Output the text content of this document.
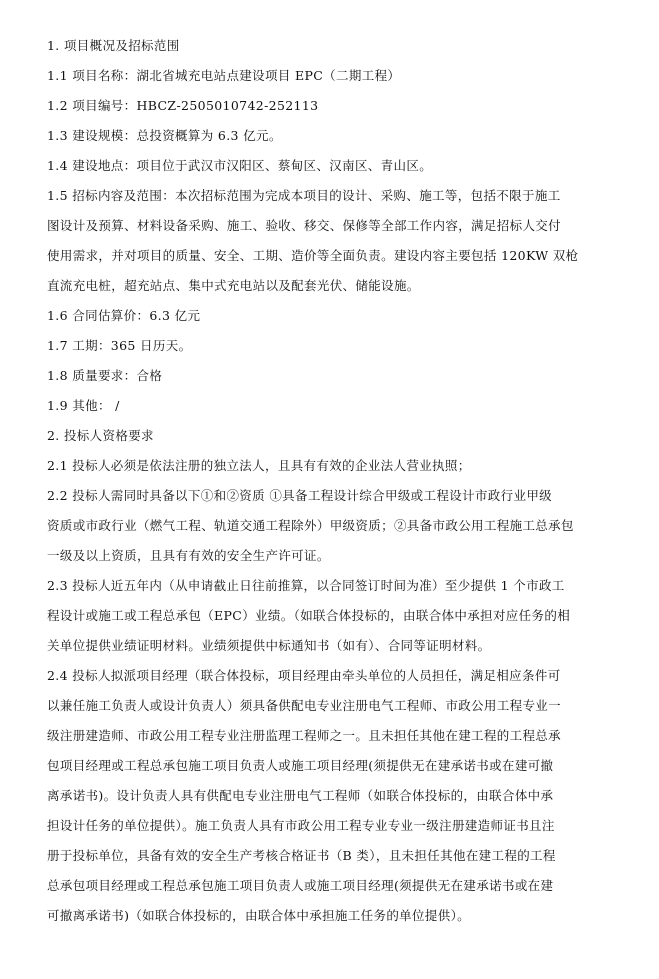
1. 项目概况及招标范围
1.1 项目名称：湖北省城充电站点建设项目 EPC（二期工程）
1.2 项目编号：HBCZ-2505010742-252113
1.3 建设规模：总投资概算为 6.3 亿元。
1.4 建设地点：项目位于武汉市汉阳区、蔡甸区、汉南区、青山区。
1.5 招标内容及范围：本次招标范围为完成本项目的设计、采购、施工等，包括不限于施工
图设计及预算、材料设备采购、施工、验收、移交、保修等全部工作内容，满足招标人交付
使用需求，并对项目的质量、安全、工期、造价等全面负责。建设内容主要包括 120KW 双枪
直流充电桩，超充站点、集中式充电站以及配套光伏、储能设施。
1.6 合同估算价：6.3 亿元
1.7 工期：365 日历天。
1.8 质量要求：合格
1.9 其他： /
2. 投标人资格要求
2.1 投标人必须是依法注册的独立法人，且具有有效的企业法人营业执照；
2.2 投标人需同时具备以下①和②资质 ①具备工程设计综合甲级或工程设计市政行业甲级
资质或市政行业（燃气工程、轨道交通工程除外）甲级资质；②具备市政公用工程施工总承包
一级及以上资质，且具有有效的安全生产许可证。
2.3 投标人近五年内（从申请截止日往前推算，以合同签订时间为准）至少提供 1 个市政工
程设计或施工或工程总承包（EPC）业绩。（如联合体投标的，由联合体中承担对应任务的相
关单位提供业绩证明材料。业绩须提供中标通知书（如有）、合同等证明材料。
2.4 投标人拟派项目经理（联合体投标，项目经理由牵头单位的人员担任，满足相应条件可
以兼任施工负责人或设计负责人）须具备供配电专业注册电气工程师、市政公用工程专业一
级注册建造师、市政公用工程专业注册监理工程师之一。且未担任其他在建工程的工程总承
包项目经理或工程总承包施工项目负责人或施工项目经理(须提供无在建承诺书或在建可撤
离承诺书)。设计负责人具有供配电专业注册电气工程师（如联合体投标的，由联合体中承
担设计任务的单位提供）。施工负责人具有市政公用工程专业专业一级注册建造师证书且注
册于投标单位，具备有效的安全生产考核合格证书（B 类），且未担任其他在建工程的工程
总承包项目经理或工程总承包施工项目负责人或施工项目经理(须提供无在建承诺书或在建
可撤离承诺书)（如联合体投标的，由联合体中承担施工任务的单位提供）。
